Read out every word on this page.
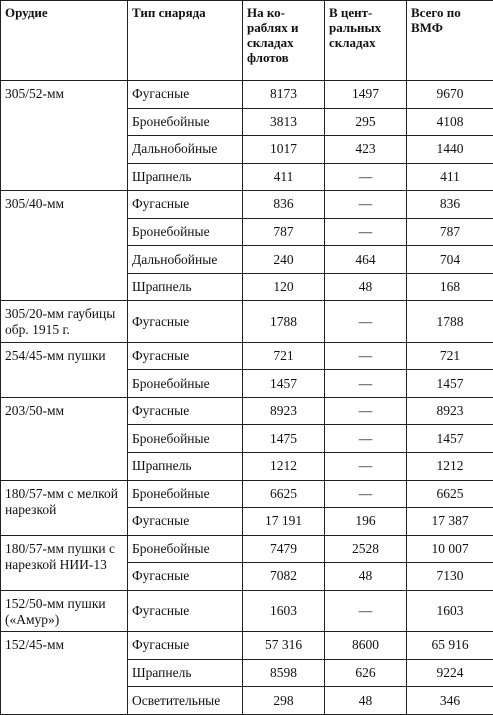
Орудие	Тип снаряда	На ко-раблях и складах флотов	В цент-ральных складах	Всего по ВМФ
305/52-мм	Фугасные	8173	1497	9670
	Бронебойные	3813	295	4108
	Дальнобойные	1017	423	1440
	Шрапнель	411	—	411
305/40-мм	Фугасные	836	—	836
	Бронебойные	787	—	787
	Дальнобойные	240	464	704
	Шрапнель	120	48	168
305/20-мм гаубицы обр. 1915 г.	Фугасные	1788	—	1788
254/45-мм пушки	Фугасные	721	—	721
	Бронебойные	1457	—	1457
203/50-мм	Фугасные	8923	—	8923
	Бронебойные	1475	—	1457
	Шрапнель	1212	—	1212
180/57-мм с мелкой нарезкой	Бронебойные	6625	—	6625
	Фугасные	17 191	196	17 387
180/57-мм пушки с нарезкой НИИ-13	Бронебойные	7479	2528	10 007
	Фугасные	7082	48	7130
152/50-мм пушки («Амур»)	Фугасные	1603	—	1603
152/45-мм	Фугасные	57 316	8600	65 916
	Шрапнель	8598	626	9224
	Осветительные	298	48	346
